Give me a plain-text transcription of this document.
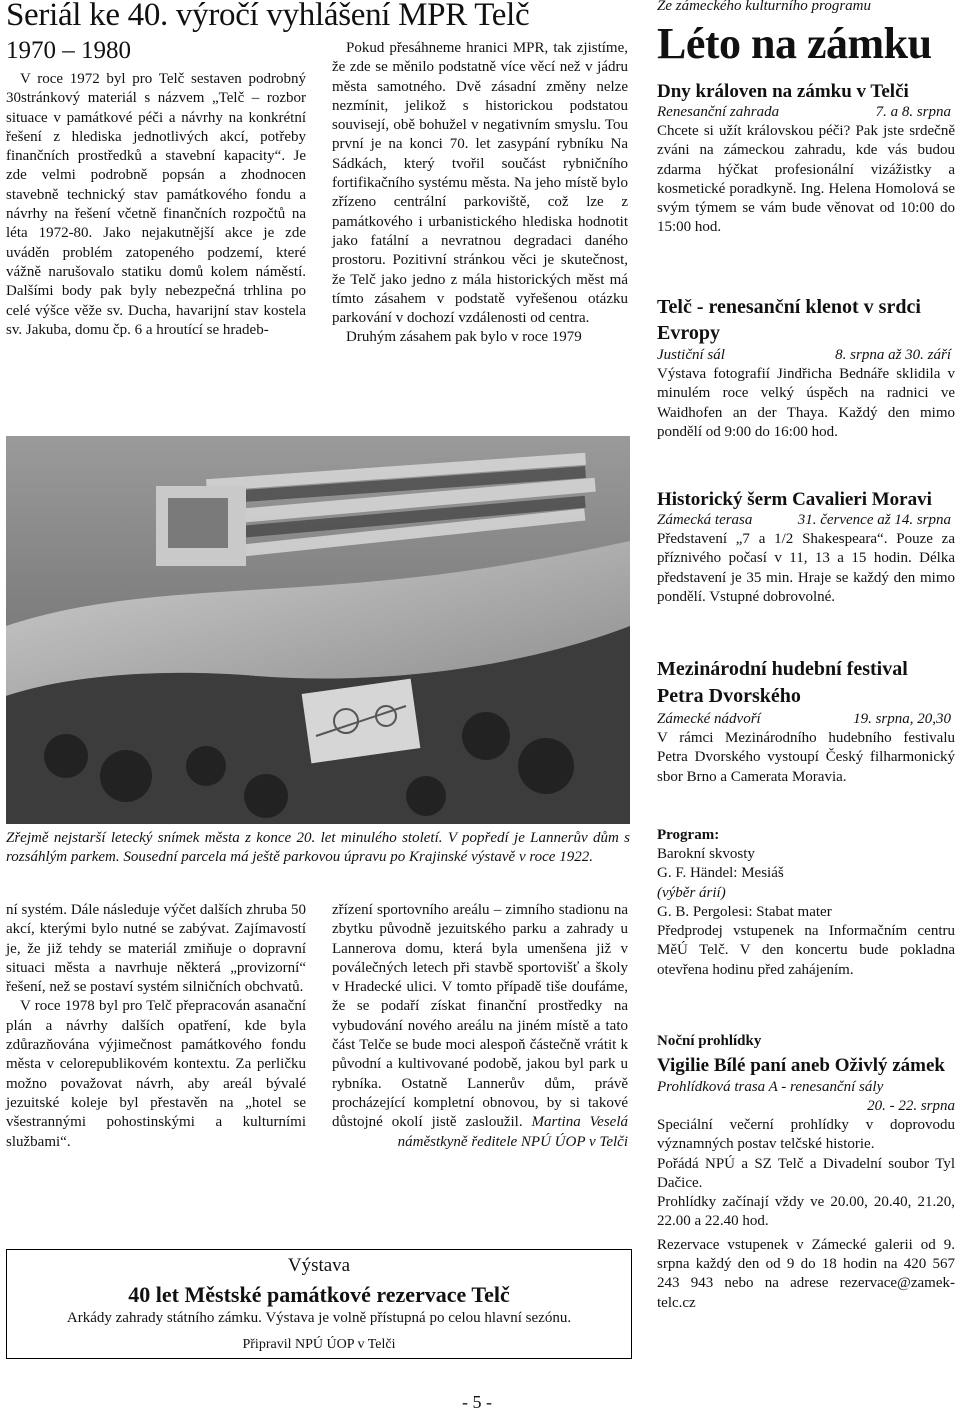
Seriál ke 40. výročí vyhlášení MPR Telč
1970 – 1980

V roce 1972 byl pro Telč sestaven podrobný 30stránkový materiál s názvem „Telč – rozbor situace v památkové péči a návrhy na konkrétní řešení z hlediska jednotlivých akcí, potřeby finančních prostředků a stavební kapacity“. Je zde velmi podrobně popsán a zhodnocen stavebně technický stav památkového fondu a návrhy na řešení včetně finančních rozpočtů na léta 1972-80. Jako nejakutnější akce je zde uváděn problém zatopeného podzemí, které vážně narušovalo statiku domů kolem náměstí. Dalšími body pak byly nebezpečná trhlina po celé výšce věže sv. Ducha, havarijní stav kostela sv. Jakuba, domu čp. 6 a hroutící se hradeb-

Pokud přesáhneme hranici MPR, tak zjistíme, že zde se měnilo podstatně více věcí než v jádru města samotného. Dvě zásadní změny nelze nezmínit, jelikož s historickou podstatou souvisejí, obě bohužel v negativním smyslu. Tou první je na konci 70. let zasypání rybníku Na Sádkách, který tvořil součást rybničního fortifikačního systému města. Na jeho místě bylo zřízeno centrální parkoviště, což lze z památkového i urbanistického hlediska hodnotit jako fatální a nevratnou degradaci daného prostoru. Pozitivní stránkou věci je skutečnost, že Telč jako jedno z mála historických měst má tímto zásahem v podstatě vyřešenou otázku parkování v dochozí vzdálenosti od centra.

Druhým zásahem pak bylo v roce 1979

Zřejmě nejstarší letecký snímek města z konce 20. let minulého století. V popředí je Lannerův dům s rozsáhlým parkem. Sousední parcela má ještě parkovou úpravu po Krajinské výstavě v roce 1922.

ní systém. Dále následuje výčet dalších zhruba 50 akcí, kterými bylo nutné se zabývat. Zajímavostí je, že již tehdy se materiál zmiňuje o dopravní situaci města a navrhuje některá „provizorní“ řešení, než se postaví systém silničních obchvatů.

V roce 1978 byl pro Telč přepracován asanační plán a návrhy dalších opatření, kde byla zdůrazňována výjimečnost památkového fondu města v celorepublikovém kontextu. Za perličku možno považovat návrh, aby areál bývalé jezuitské koleje byl přestavěn na „hotel se všestrannými pohostinskými a kulturními službami“.

zřízení sportovního areálu – zimního stadionu na zbytku původně jezuitského parku a zahrady u Lannerova domu, která byla umenšena již v poválečných letech při stavbě sportovišť a školy v Hradecké ulici. V tomto případě tiše doufáme, že se podaří získat finanční prostředky na vybudování nového areálu na jiném místě a tato část Telče se bude moci alespoň částečně vrátit k původní a kultivované podobě, jakou byl park u rybníka. Ostatně Lannerův dům, právě procházející kompletní obnovou, by si takové důstojné okolí jistě zasloužil. Martina Veselá

náměstkyně ředitele NPÚ ÚOP v Telči

Výstava
40 let Městské památkové rezervace Telč
Arkády zahrady státního zámku. Výstava je volně přístupná po celou hlavní sezónu.
Připravil NPÚ ÚOP v Telči
- 5 -
Ze zámeckého kulturního programu
Léto na zámku
Dny královen na zámku v Telči
Renesanční zahrada	7. a 8. srpna
Chcete si užít královskou péči? Pak jste srdečně zváni na zámeckou zahradu, kde vás budou zdarma hýčkat profesionální vizážistky a kosmetické poradkyně. Ing. Helena Homolová se svým týmem se vám bude věnovat od 10:00 do 15:00 hod.
Telč - renesanční klenot v srdci Evropy
Justiční sál	8. srpna až 30. září
Výstava fotografií Jindřicha Bednáře sklidila v minulém roce velký úspěch na radnici ve Waidhofen an der Thaya. Každý den mimo pondělí od 9:00 do 16:00 hod.
Historický šerm Cavalieri Moravi
Zámecká terasa	31. července až 14. srpna
Představení „7 a 1/2 Shakespeara“. Pouze za příznivého počasí v 11, 13 a 15 hodin. Délka představení je 35 min. Hraje se každý den mimo pondělí. Vstupné dobrovolné.
Mezinárodní hudební festival Petra Dvorského
Zámecké nádvoří	19. srpna, 20,30
V rámci Mezinárodního hudebního festivalu Petra Dvorského vystoupí Český filharmonický sbor Brno a Camerata Moravia.
Program:
Barokní skvosty
G. F. Händel: Mesiáš
(výběr árií)
G. B. Pergolesi: Stabat mater
Předprodej vstupenek na Informačním centru MěÚ Telč. V den koncertu bude pokladna otevřena hodinu před zahájením.
Noční prohlídky
Vigilie Bílé paní aneb Oživlý zámek
Prohlídková trasa A - renesanční sály
20. - 22. srpna
Speciální večerní prohlídky v doprovodu významných postav telčské historie.
Pořádá NPÚ a SZ Telč a Divadelní soubor Tyl Dačice.
Prohlídky začínají vždy ve 20.00, 20.40, 21.20, 22.00 a 22.40 hod.
Rezervace vstupenek v Zámecké galerii od 9. srpna každý den od 9 do 18 hodin na 420 567 243 943 nebo na adrese rezervace@zamek-telc.cz
